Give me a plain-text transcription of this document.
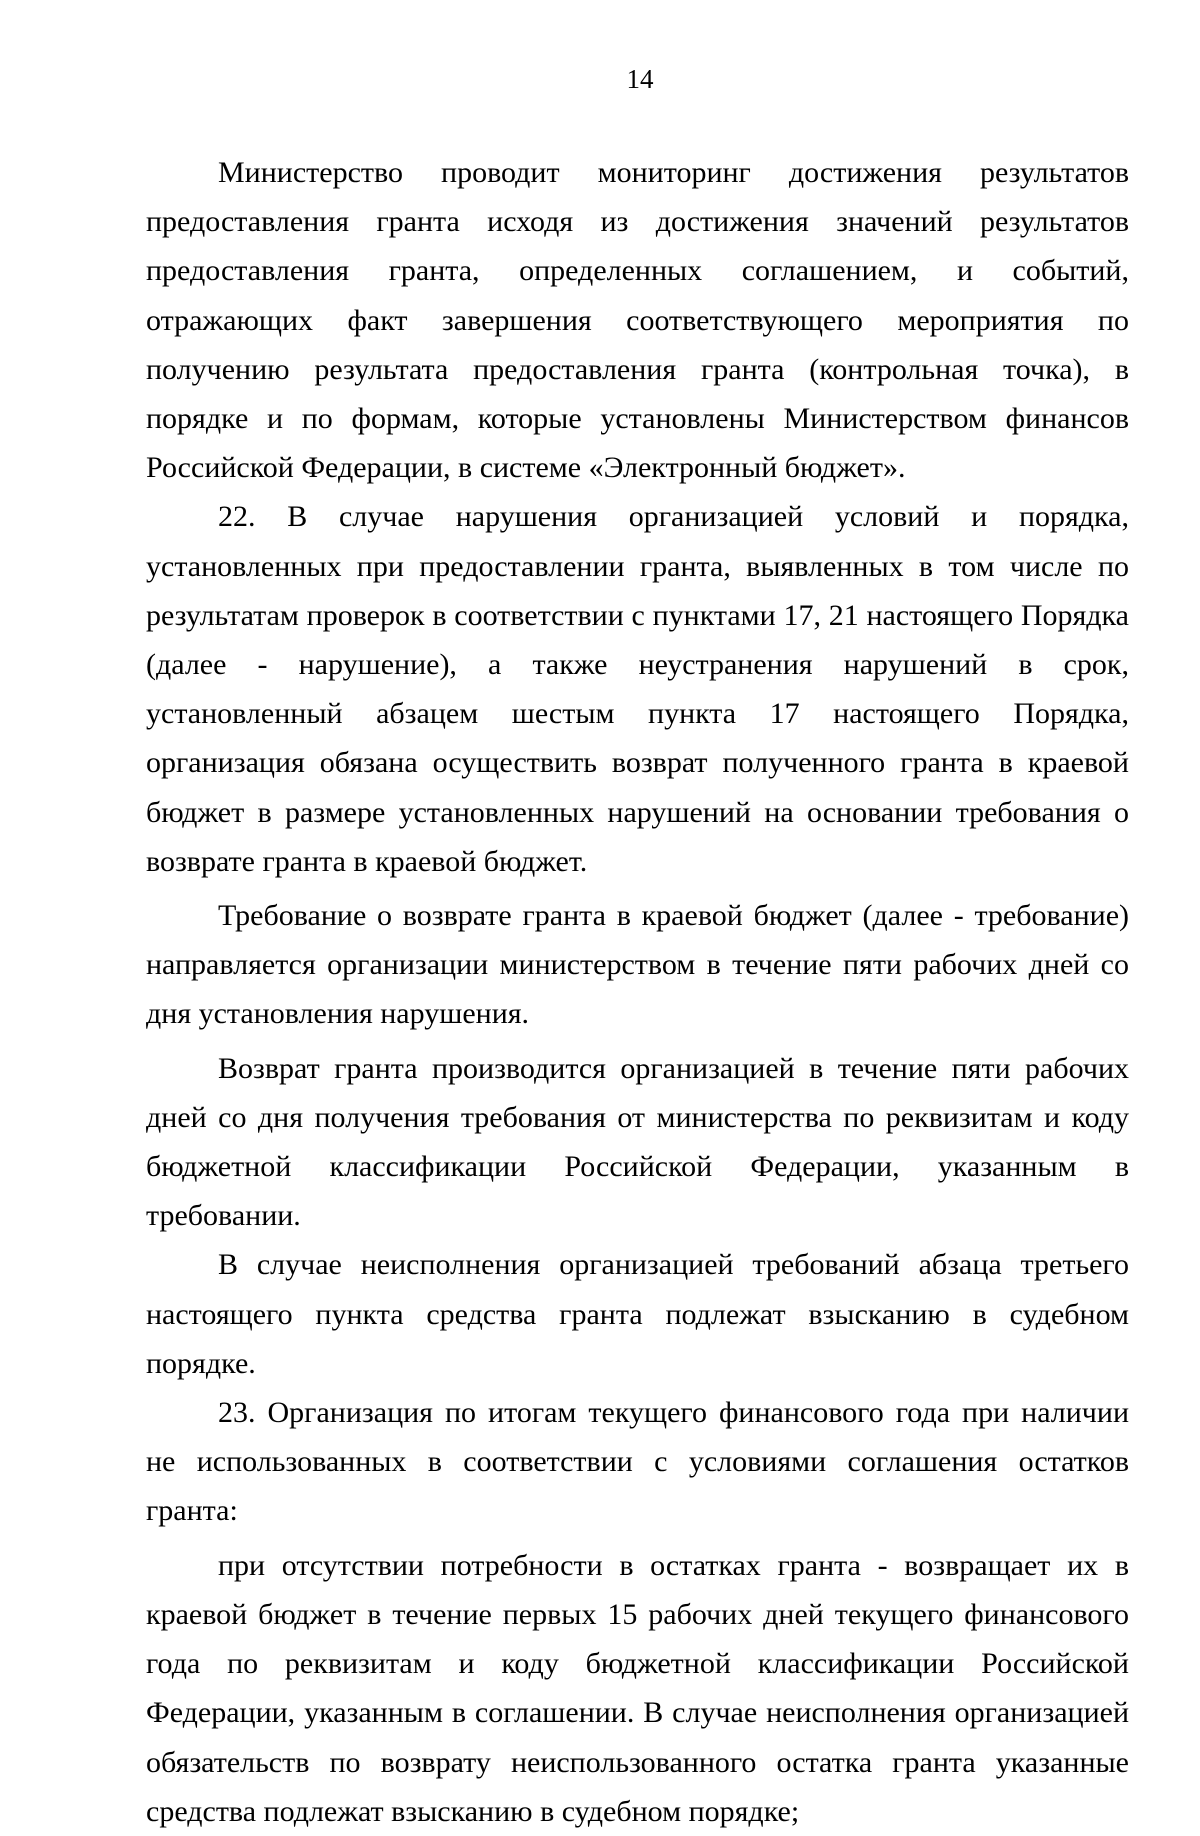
14

Министерство проводит мониторинг достижения результатов предоставления гранта исходя из достижения значений результатов предоставления гранта, определенных соглашением, и событий, отражающих факт завершения соответствующего мероприятия по получению результата предоставления гранта (контрольная точка), в порядке и по формам, которые установлены Министерством финансов Российской Федерации, в системе «Электронный бюджет».

22. В случае нарушения организацией условий и порядка, установленных при предоставлении гранта, выявленных в том числе по результатам проверок в соответствии с пунктами 17, 21 настоящего Порядка (далее - нарушение), а также неустранения нарушений в срок, установленный абзацем шестым пункта 17 настоящего Порядка, организация обязана осуществить возврат полученного гранта в краевой бюджет в размере установленных нарушений на основании требования о возврате гранта в краевой бюджет.

Требование о возврате гранта в краевой бюджет (далее - требование) направляется организации министерством в течение пяти рабочих дней со дня установления нарушения.

Возврат гранта производится организацией в течение пяти рабочих дней со дня получения требования от министерства по реквизитам и коду бюджетной классификации Российской Федерации, указанным в требовании.

В случае неисполнения организацией требований абзаца третьего настоящего пункта средства гранта подлежат взысканию в судебном порядке.

23. Организация по итогам текущего финансового года при наличии не использованных в соответствии с условиями соглашения остатков гранта:

при отсутствии потребности в остатках гранта - возвращает их в краевой бюджет в течение первых 15 рабочих дней текущего финансового года по реквизитам и коду бюджетной классификации Российской Федерации, указанным в соглашении. В случае неисполнения организацией обязательств по возврату неиспользованного остатка гранта указанные средства подлежат взысканию в судебном порядке;
